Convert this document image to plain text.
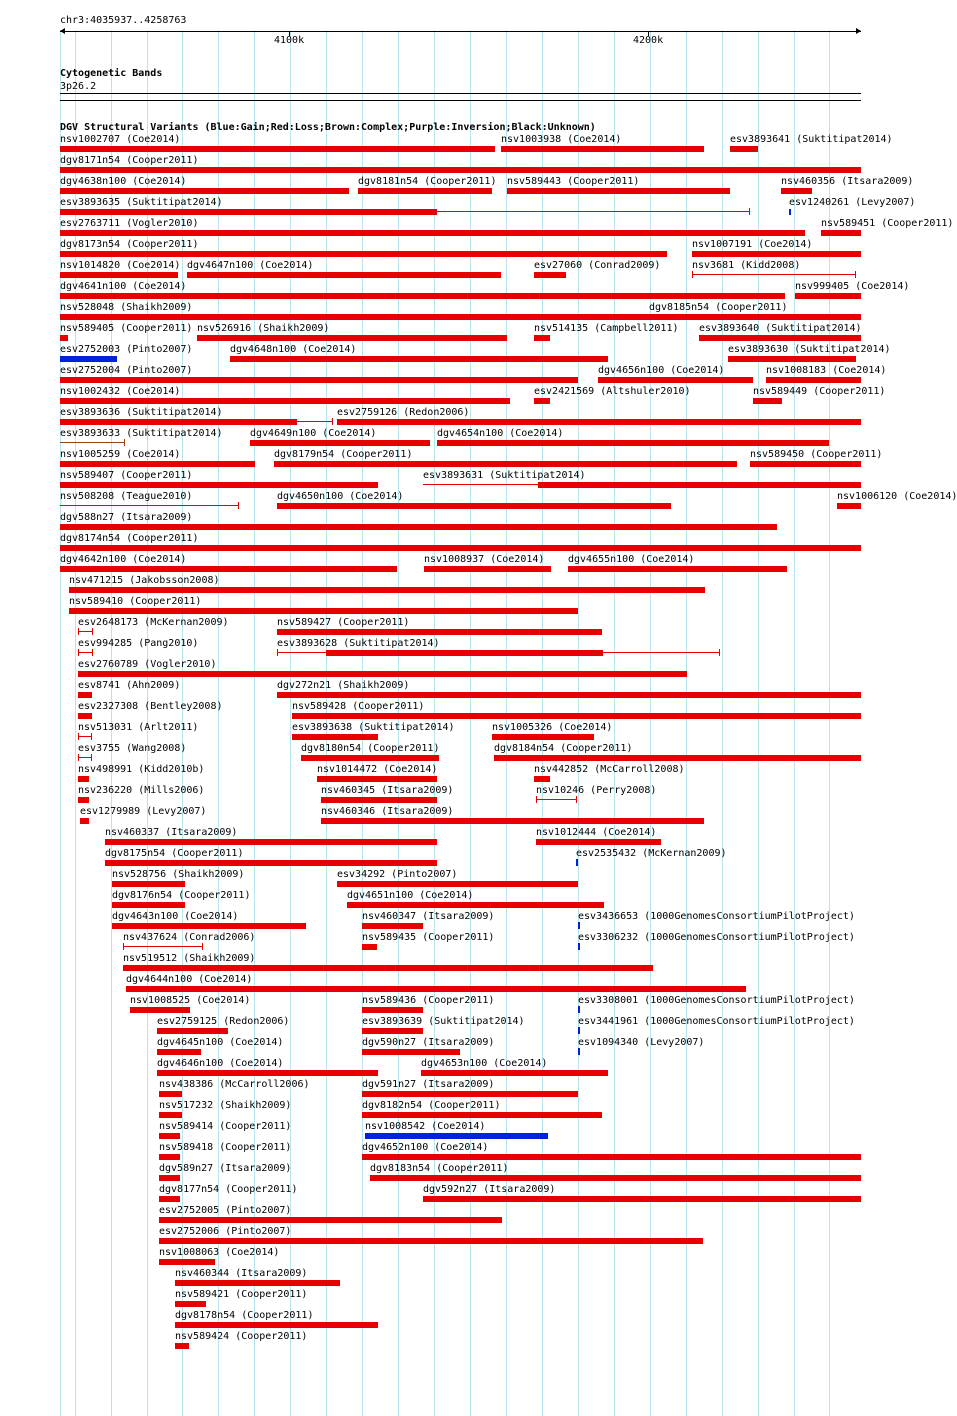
chr3:4035937..4258763
4100k	4200k
Cytogenetic Bands
3p26.2
DGV Structural Variants (Blue:Gain;Red:Loss;Brown:Complex;Purple:Inversion;Black:Unknown)
nsv1002707 (Coe2014)	nsv1003938 (Coe2014)	esv3893641 (Suktitipat2014)
dgv8171n54 (Cooper2011)
dgv4638n100 (Coe2014)	dgv8181n54 (Cooper2011) nsv589443 (Cooper2011)	nsv460356 (Itsara2009)
esv3893635 (Suktitipat2014)	esv1240261 (Levy2007)
esv2763711 (Vogler2010)	nsv589451 (Cooper2011)
dgv8173n54 (Cooper2011)	nsv1007191 (Coe2014)
nsv1014820 (Coe2014) dgv4647n100 (Coe2014)	esv27060 (Conrad2009)	nsv3681 (Kidd2008)
dgv4641n100 (Coe2014)	nsv999405 (Coe2014)
nsv528048 (Shaikh2009)	dgv8185n54 (Cooper2011)
nsv589405 (Cooper2011) nsv526916 (Shaikh2009)	nsv514135 (Campbell2011) esv3893640 (Suktitipat2014)
esv2752003 (Pinto2007)	dgv4648n100 (Coe2014)	esv3893630 (Suktitipat2014)
esv2752004 (Pinto2007)	dgv4656n100 (Coe2014)	nsv1008183 (Coe2014)
nsv1002432 (Coe2014)	esv2421569 (Altshuler2010)	nsv589449 (Cooper2011)
esv3893636 (Suktitipat2014)	esv2759126 (Redon2006)
esv3893633 (Suktitipat2014)	dgv4649n100 (Coe2014)	dgv4654n100 (Coe2014)
nsv1005259 (Coe2014)	dgv8179n54 (Cooper2011)	nsv589450 (Cooper2011)
nsv589407 (Cooper2011)	esv3893631 (Suktitipat2014)
nsv508208 (Teague2010)	dgv4650n100 (Coe2014)	nsv1006120 (Coe2014)
dgv588n27 (Itsara2009)
dgv8174n54 (Cooper2011)
dgv4642n100 (Coe2014)	nsv1008937 (Coe2014) dgv4655n100 (Coe2014)
nsv471215 (Jakobsson2008)
nsv589410 (Cooper2011)
esv2648173 (McKernan2009)	nsv589427 (Cooper2011)
esv994285 (Pang2010)	esv3893628 (Suktitipat2014)
esv2760789 (Vogler2010)
esv8741 (Ahn2009)	dgv272n21 (Shaikh2009)
esv2327308 (Bentley2008)	nsv589428 (Cooper2011)
nsv513031 (Arlt2011)	esv3893638 (Suktitipat2014)	nsv1005326 (Coe2014)
esv3755 (Wang2008)	dgv8180n54 (Cooper2011)	dgv8184n54 (Cooper2011)
nsv498991 (Kidd2010b)	nsv1014472 (Coe2014)	nsv442852 (McCarroll2008)
nsv236220 (Mills2006)	nsv460345 (Itsara2009)	nsv10246 (Perry2008)
esv1279989 (Levy2007)	nsv460346 (Itsara2009)
nsv460337 (Itsara2009)	nsv1012444 (Coe2014)
dgv8175n54 (Cooper2011)	esv2535432 (McKernan2009)
nsv528756 (Shaikh2009)	esv34292 (Pinto2007)
dgv8176n54 (Cooper2011)	dgv4651n100 (Coe2014)
dgv4643n100 (Coe2014)	nsv460347 (Itsara2009)	esv3436653 (1000GenomesConsortiumPilotProject)
nsv437624 (Conrad2006)	nsv589435 (Cooper2011)	esv3306232 (1000GenomesConsortiumPilotProject)
nsv519512 (Shaikh2009)
dgv4644n100 (Coe2014)
nsv1008525 (Coe2014)	nsv589436 (Cooper2011)	esv3308001 (1000GenomesConsortiumPilotProject)
esv2759125 (Redon2006)	esv3893639 (Suktitipat2014)	esv3441961 (1000GenomesConsortiumPilotProject)
dgv4645n100 (Coe2014)	dgv590n27 (Itsara2009)	esv1094340 (Levy2007)
dgv4646n100 (Coe2014)	dgv4653n100 (Coe2014)
nsv438386 (McCarroll2006)	dgv591n27 (Itsara2009)
nsv517232 (Shaikh2009)	dgv8182n54 (Cooper2011)
nsv589414 (Cooper2011)	nsv1008542 (Coe2014)
nsv589418 (Cooper2011)	dgv4652n100 (Coe2014)
dgv589n27 (Itsara2009)	dgv8183n54 (Cooper2011)
dgv8177n54 (Cooper2011)	dgv592n27 (Itsara2009)
esv2752005 (Pinto2007)
esv2752006 (Pinto2007)
nsv1008063 (Coe2014)
nsv460344 (Itsara2009)
nsv589421 (Cooper2011)
dgv8178n54 (Cooper2011)
nsv589424 (Cooper2011)
